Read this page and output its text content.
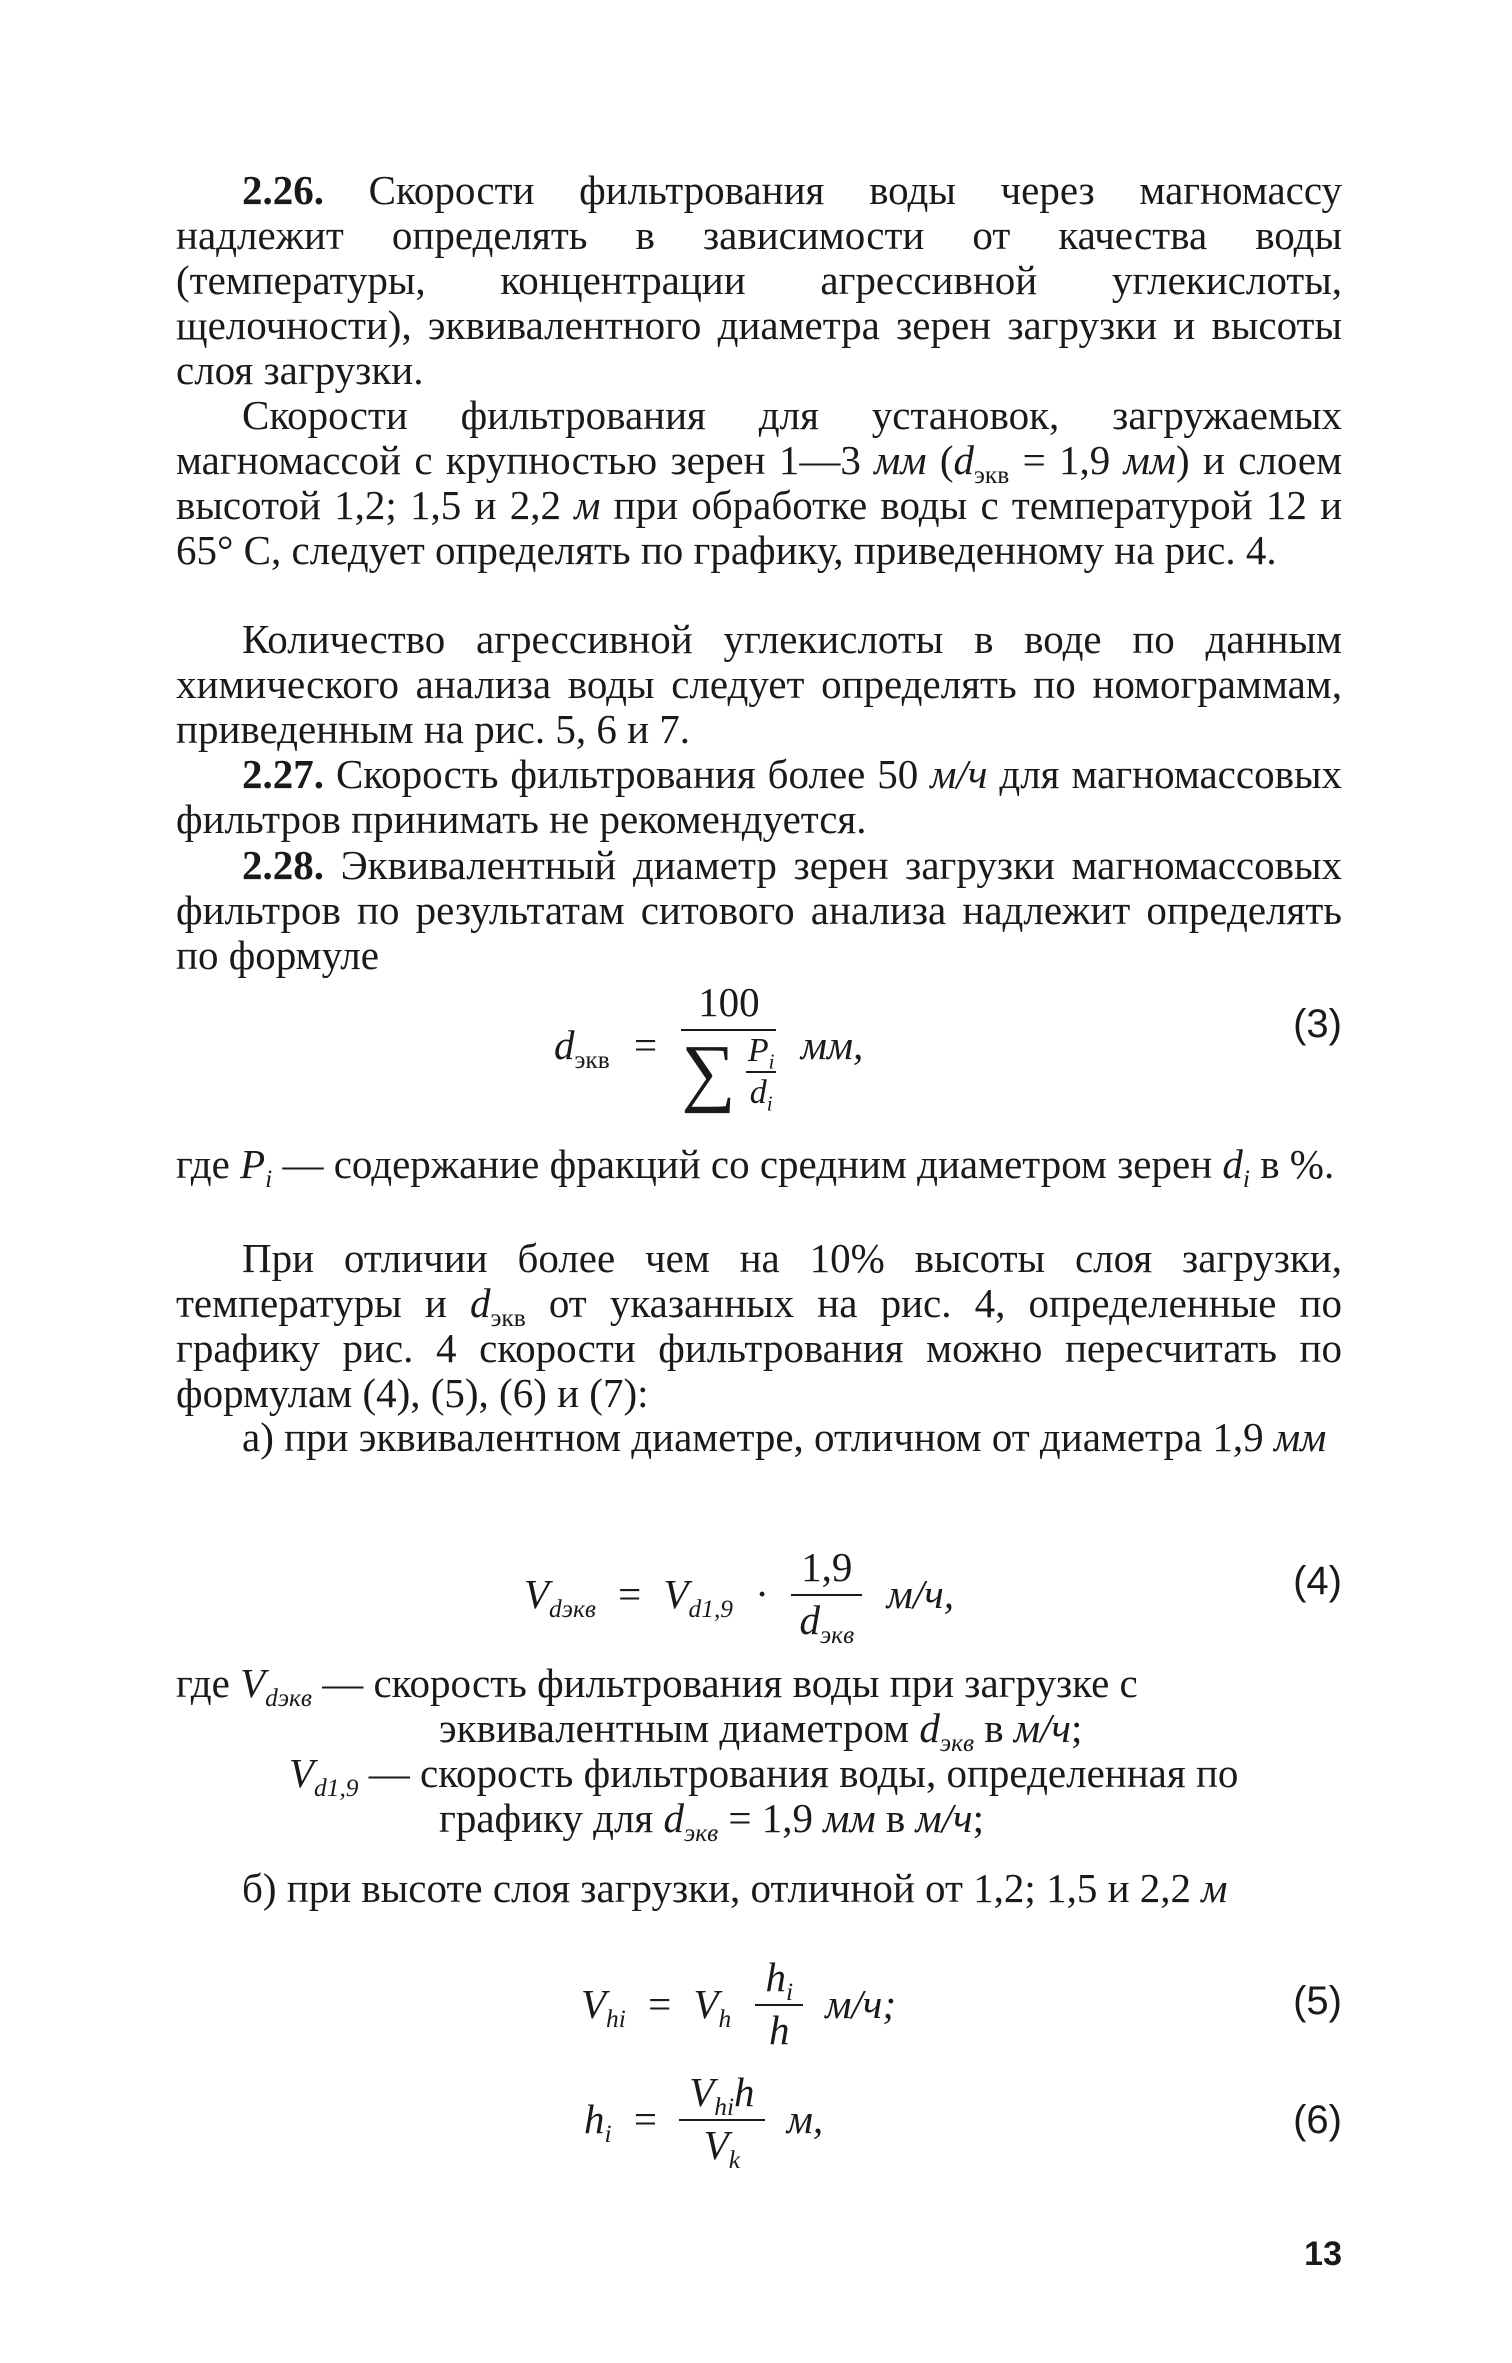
2.26. Скорости фильтрования воды через магномассу надлежит определять в зависимости от качества воды (температуры, концентрации агрессивной углекислоты, щелочности), эквивалентного диаметра зерен загрузки и высоты слоя загрузки.

Скорости фильтрования для установок, загружаемых магномассой с крупностью зерен 1—3 мм ($d_{экв} = 1,9$ мм) и слоем высотой 1,2; 1,5 и 2,2 м при обработке воды с температурой 12 и 65° С, следует определять по графику, приведенному на рис. 4.

Количество агрессивной углекислоты в воде по данным химического анализа воды следует определять по номограммам, приведенным на рис. 5, 6 и 7.

2.27. Скорость фильтрования более 50 м/ч для магномассовых фильтров принимать не рекомендуется.

2.28. Эквивалентный диаметр зерен загрузки магномассовых фильтров по результатам ситового анализа надлежит определять по формуле

$d_{экв} = \frac{100}{\sum \frac{P_i}{d_i}}$ мм,	(3)
где $P_i$ — содержание фракций со средним диаметром зерен $d_i$ в %.

При отличии более чем на 10% высоты слоя загрузки, температуры и $d_{экв}$ от указанных на рис. 4, определенные по графику рис. 4 скорости фильтрования можно пересчитать по формулам (4), (5), (6) и (7):

а) при эквивалентном диаметре, отличном от диаметра 1,9 мм

$V_{dэкв} = V_{d1,9} \cdot \frac{1,9}{d_{экв}} м/ч$,	(4)
где $V_{dэкв}$ — скорость фильтрования воды при загрузке с эквивалентным диаметром $d_{экв}$ в м/ч;
$V_{d1,9}$ — скорость фильтрования воды, определенная по графику для $d_{экв} = 1,9$ мм в м/ч;

б) при высоте слоя загрузки, отличной от 1,2; 1,5 и 2,2 м

$V_{hi} = V_h \frac{h_i}{h} м/ч$;	(5)
$h_i = \frac{V_{hi}h}{V_k} м$,	(6)
13
